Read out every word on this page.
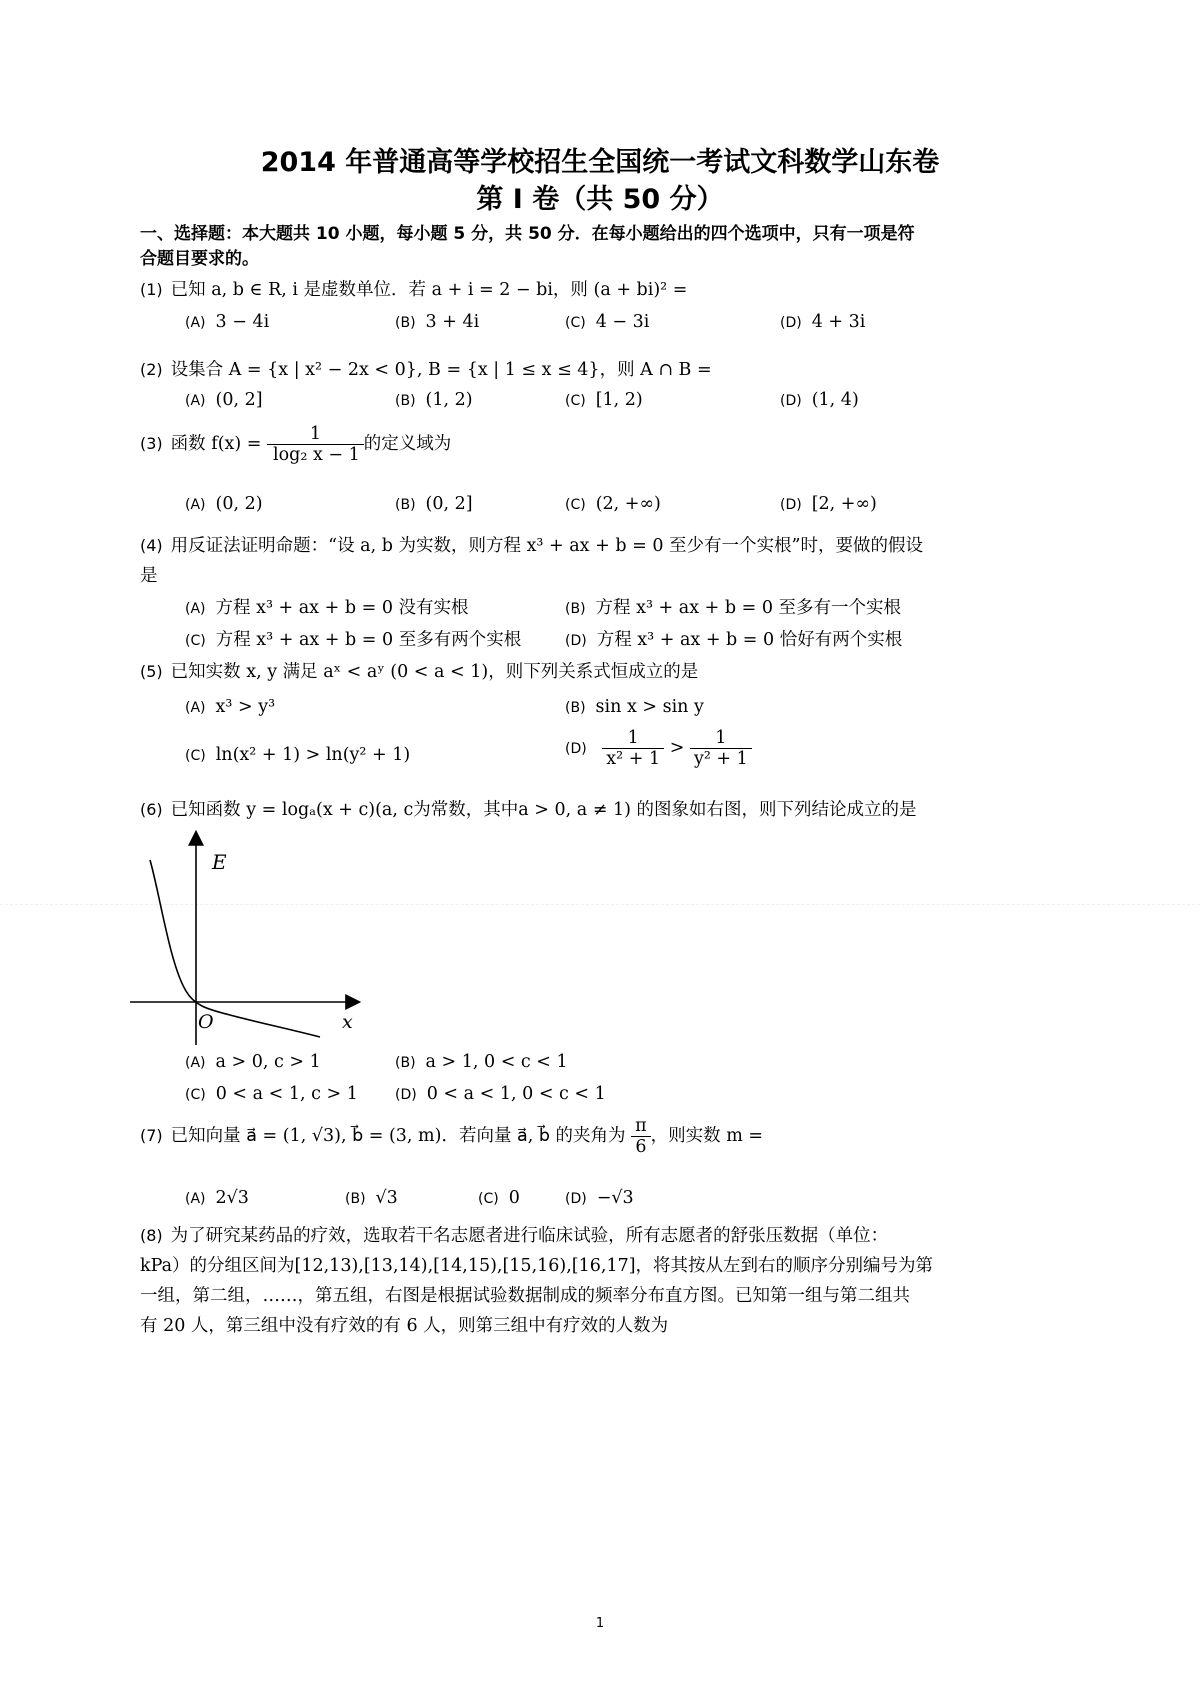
2014 年普通高等学校招生全国统一考试文科数学山东卷
第 I 卷（共 50 分）
一、选择题：本大题共 10 小题，每小题 5 分，共 50 分．在每小题给出的四个选项中，只有一项是符
合题目要求的。
(1) 已知 a, b ∈ R, i 是虚数单位．若 a + i = 2 − bi，则 (a + bi)² =
(A) 3 − 4i	(B) 3 + 4i	(C) 4 − 3i	(D) 4 + 3i
(2) 设集合 A = {x | x² − 2x < 0}, B = {x | 1 ≤ x ≤ 4}，则 A ∩ B =
(A) (0, 2]	(B) (1, 2)	(C) [1, 2)	(D) (1, 4)
(3) 函数 $f(x) = \frac{1}{\text{log₂ x − 1}}$ 的定义域为
(A) (0, 2)	(B) (0, 2]	(C) (2, +∞)	(D) [2, +∞)
(4) 用反证法证明命题：“设 a, b 为实数，则方程 x³ + ax + b = 0 至少有一个实根”时，要做的假设
是
(A) 方程 x³ + ax + b = 0 没有实根	(B) 方程 x³ + ax + b = 0 至多有一个实根
(C) 方程 x³ + ax + b = 0 至多有两个实根	(D) 方程 x³ + ax + b = 0 恰好有两个实根
(5) 已知实数 x, y 满足 aˣ < aʸ (0 < a < 1)，则下列关系式恒成立的是
(A) x³ > y³	(B) sin x > sin y
(C) ln(x² + 1) > ln(y² + 1)	$(D) \frac{1}{\text{x² + 1}} > \frac{1}{\text{y² + 1}}$
(6) 已知函数 y = logₐ(x + c)(a, c为常数，其中a > 0, a ≠ 1) 的图象如右图，则下列结论成立的是
E
O	x
(A) a > 0, c > 1	(B) a > 1, 0 < c < 1
(C) 0 < a < 1, c > 1	(D) 0 < a < 1, 0 < c < 1
(7) 已知向量 a⃗ = (1, √3), b⃗ = (3, m)．若向量 a⃗, b⃗ 的夹角为 $\frac{\pi}{6}$ ，则实数 m =
(A) 2√3	(B) √3	(C) 0	(D) −√3
(8) 为了研究某药品的疗效，选取若干名志愿者进行临床试验，所有志愿者的舒张压数据（单位：
kPa）的分组区间为[12,13),[13,14),[14,15),[15,16),[16,17]，将其按从左到右的顺序分别编号为第
一组，第二组，……，第五组，右图是根据试验数据制成的频率分布直方图。已知第一组与第二组共
有 20 人，第三组中没有疗效的有 6 人，则第三组中有疗效的人数为
1
